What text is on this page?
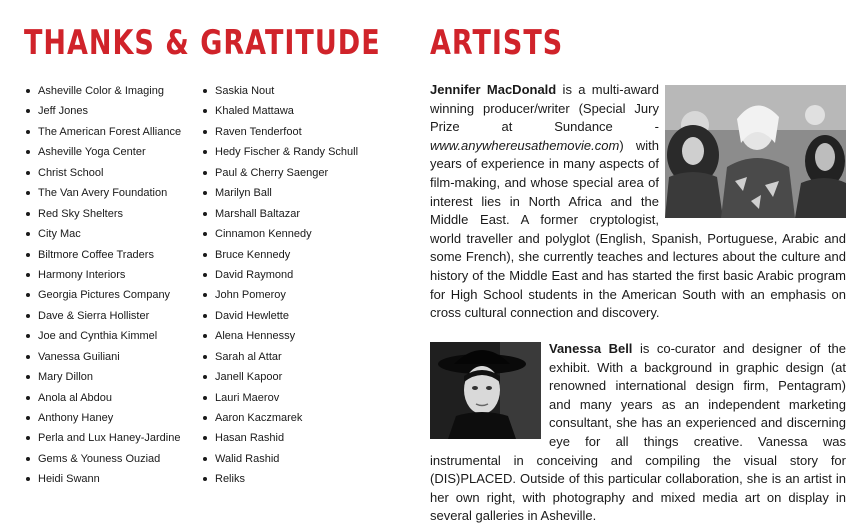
THANKS & GRATITUDE ARTISTS
Asheville Color & Imaging
Jeff Jones
The American Forest Alliance
Asheville Yoga Center
Christ School
The Van Avery Foundation
Red Sky Shelters
City Mac
Biltmore Coffee Traders
Harmony Interiors
Georgia Pictures Company
Dave & Sierra Hollister
Joe and Cynthia Kimmel
Vanessa Guiliani
Mary Dillon
Anola al Abdou
Anthony Haney
Perla and Lux Haney-Jardine
Gems & Youness Ouziad
Heidi Swann
Saskia Nout
Khaled Mattawa
Raven Tenderfoot
Hedy Fischer & Randy Schull
Paul & Cherry Saenger
Marilyn Ball
Marshall Baltazar
Cinnamon Kennedy
Bruce Kennedy
David Raymond
John Pomeroy
David Hewlette
Alena Hennessy
Sarah al Attar
Janell Kapoor
Lauri Maerov
Aaron Kaczmarek
Hasan Rashid
Walid Rashid
Reliks

Jennifer MacDonald is a multi-award winning producer/writer (Special Jury Prize at Sundance - www.anywhereusathemovie.com) with years of experience in many aspects of film-making, and whose special area of interest lies in North Africa and the Middle East. A former cryptologist, world traveller and polyglot (English, Spanish, Portuguese, Arabic and some French), she currently teaches and lectures about the culture and history of the Middle East and has started the first basic Arabic program for High School students in the American South with an emphasis on cross cultural connection and discovery.

Vanessa Bell is co-curator and designer of the exhibit. With a background in graphic design (at renowned international design firm, Pentagram) and many years as an independent marketing consultant, she has an experienced and discerning eye for all things creative. Vanessa was instrumental in conceiving and compiling the visual story for (DIS)PLACED. Outside of this particular collaboration, she is an artist in her own right, with photography and mixed media art on display in several galleries in Asheville.
